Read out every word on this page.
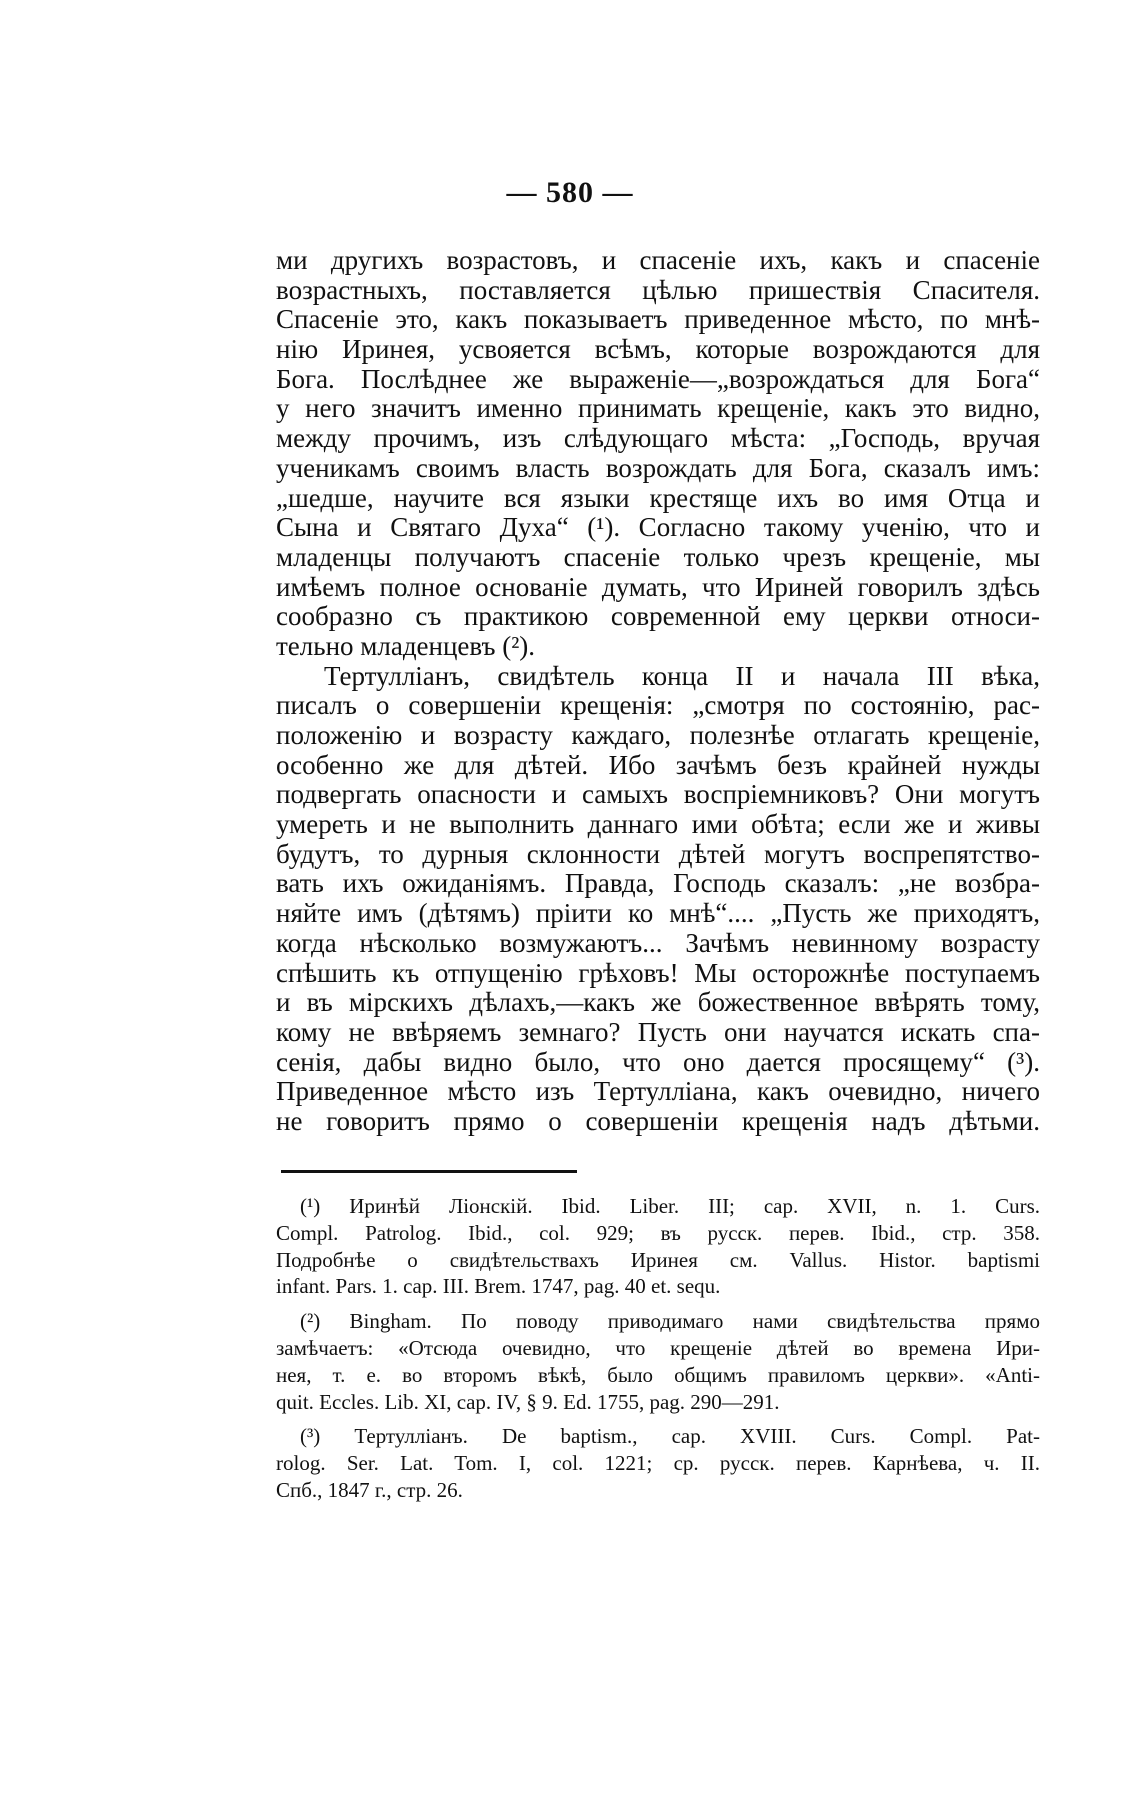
— 580 —
ми другихъ возрастовъ, и спасеніе ихъ, какъ и спасеніе
возрастныхъ, поставляется цѣлью пришествія Спасителя.
Спасеніе это, какъ показываетъ приведенное мѣсто, по мнѣ-
нію Иринея, усвояется всѣмъ, которые возрождаются для
Бога. Послѣднее же выраженіе—„возрождаться для Бога“
у него значитъ именно принимать крещеніе, какъ это видно,
между прочимъ, изъ слѣдующаго мѣста: „Господь, вручая
ученикамъ своимъ власть возрождать для Бога, сказалъ имъ:
„шедше, научите вся языки крестяще ихъ во имя Отца и
Сына и Святаго Духа“ (¹). Согласно такому ученію, что и
младенцы получаютъ спасеніе только чрезъ крещеніе, мы
имѣемъ полное основаніе думать, что Ириней говорилъ здѣсь
сообразно съ практикою современной ему церкви относи-
тельно младенцевъ (²).
Тертулліанъ, свидѣтель конца II и начала III вѣка,
писалъ о совершеніи крещенія: „смотря по состоянію, рас-
положенію и возрасту каждаго, полезнѣе отлагать крещеніе,
особенно же для дѣтей. Ибо зачѣмъ безъ крайней нужды
подвергать опасности и самыхъ воспріемниковъ? Они могутъ
умереть и не выполнить даннаго ими обѣта; если же и живы
будутъ, то дурныя склонности дѣтей могутъ воспрепятство-
вать ихъ ожиданіямъ. Правда, Господь сказалъ: „не возбра-
няйте имъ (дѣтямъ) пріити ко мнѣ“.... „Пусть же приходятъ,
когда нѣсколько возмужаютъ... Зачѣмъ невинному возрасту
спѣшить къ отпущенію грѣховъ! Мы осторожнѣе поступаемъ
и въ мірскихъ дѣлахъ,—какъ же божественное ввѣрять тому,
кому не ввѣряемъ земнаго? Пусть они научатся искать спа-
сенія, дабы видно было, что оно дается просящему“ (³).
Приведенное мѣсто изъ Тертулліана, какъ очевидно, ничего
не говоритъ прямо о совершеніи крещенія надъ дѣтьми.
(¹) Иринѣй Ліонскій. Ibid. Liber. III; cap. XVII, n. 1. Curs.
Compl. Patrolog. Ibid., col. 929; въ русск. перев. Ibid., стр. 358.
Подробнѣе о свидѣтельствахъ Иринея см. Vallus. Histor. baptismi
infant. Pars. 1. cap. III. Brem. 1747, pag. 40 et. sequ.
(²) Bingham. По поводу приводимаго нами свидѣтельства прямо
замѣчаетъ: «Отсюда очевидно, что крещеніе дѣтей во времена Ири-
нея, т. е. во второмъ вѣкѣ, было общимъ правиломъ церкви». «Anti-
quit. Eccles. Lib. XI, cap. IV, § 9. Ed. 1755, pag. 290—291.
(³) Тертулліанъ. De baptism., cap. XVIII. Curs. Compl. Pat-
rolog. Ser. Lat. Tom. I, col. 1221; ср. русск. перев. Карнѣева, ч. II.
Спб., 1847 г., стр. 26.
